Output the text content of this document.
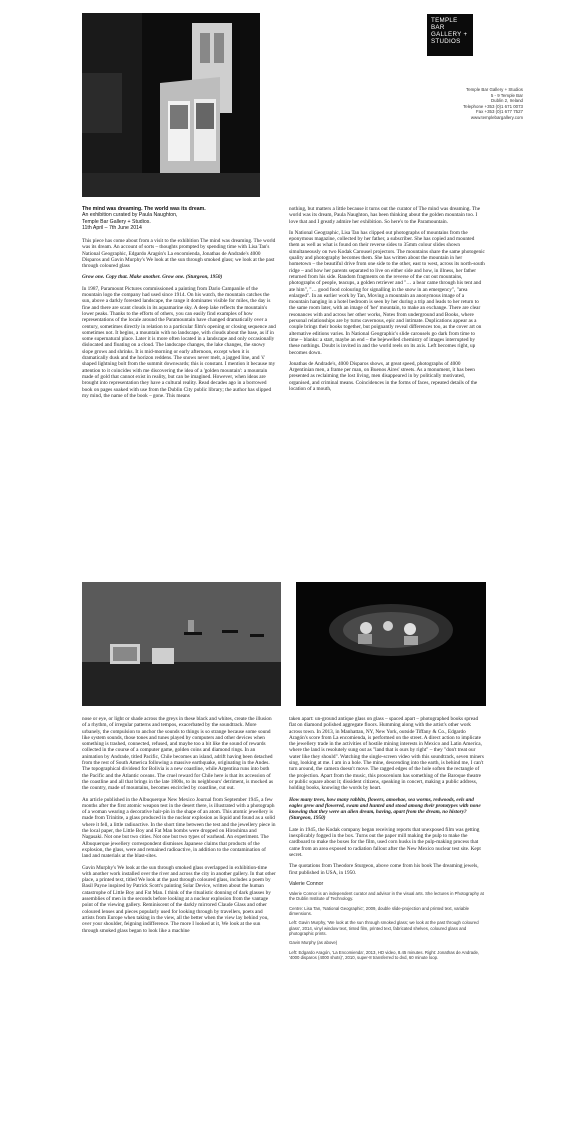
TEMPLE BAR
GALLERY +
STUDIOS
Temple Bar Gallery + Studios
5 - 9 Temple Bar
Dublin 2, Ireland
Telephone +353 (0)1 671 0073
Fax +353 (0)1 677 7527
www.templebargallery.com
The mind was dreaming. The world was its dream.
An exhibition curated by Paula Naughton,
Temple Bar Gallery + Studios.
11th April – 7th June 2014

This piece has come about from a visit to the exhibition The mind was dreaming. The world was its dream. An account of sorts – thoughts prompted by spending time with Lisa Tan's National Geographic, Edgardo Aragón's La encomienda, Jonathas de Andrade's 4000 Disparos and Gavin Murphy's We look at the sun through smoked glass; we look at the past through coloured glass

Grow one. Copy that. Make another. Grow one. (Sturgeon, 1950)

In 1987, Paramount Pictures commissioned a painting from Dario Campanile of the mountain logo the company had used since 1914. On his watch, the mountain catches the sun, above a darkly forested landscape, the range it dominates visible for miles, the day is fine and there are scant clouds in its aquamarine sky. A deep lake reflects the mountain's lower peaks. Thanks to the efforts of others, you can easily find examples of how representations of the locale around the Paramountain have changed dramatically over a century, sometimes directly in relation to a particular film's opening or closing sequence and sometimes not. It begins, a mountain with no landscape, with clouds about the base, as if in some supernatural place. Later it is more often located in a landscape and only occasionally dislocated and floating on a cloud. The landscape changes, the lake changes, the snowy slope grows and shrinks. It is mid-morning or early afternoon, except when it is dramatically dusk and the horizon reddens. The snows never melt, a jagged line, and 'ś' shaped lightning bolt from the summit downwards; this is constant. I mention it because my attention to it coincides with me discovering the idea of a 'golden mountain': a mountain made of gold that cannot exist in reality, but can be imagined. However, when ideas are brought into representation they have a cultural reality. Read decades ago in a borrowed book on pages soaked with use from the Dublin City public library; the author has slipped my mind, the name of the book – gone. This means

nothing, but matters a little because it turns out the curator of The mind was dreaming. The world was its dream, Paula Naughton, has been thinking about the golden mountain too. I love that and I greatly admire her exhibition. So here's to the Paramountain.

In National Geographic, Lisa Tan has clipped out photographs of mountains from the eponymous magazine, collected by her father, a subscriber. She has copied and mounted them as well as what is found on their reverse sides to 35mm colour slides shown simultaneously on two Kodak Carousel projectors. The mountains share the same photogenic quality and photography becomes them. She has written about the mountain in her hometown – the beautiful drive from one side to the other, east to west, across its north-south ridge – and how her parents separated to live on either side and how, in illness, her father returned from his side. Random fragments on the reverse of the cut out mountains, photographs of people, teacups, a golden retriever and "… a bear came through his tent and ate him", "… good food colouring for signalling in the snow in an emergency", "area enlarged". In an earlier work by Tan, Moving a mountain an anonymous image of a mountain hanging in a hotel bedroom is seen by her during a trip and leads to her return to the same room later, with an image of 'her' mountain, to make an exchange. There are clear resonances with and across her other works, Notes from underground and Books, where personal relationships are by turns cavernous, epic and intimate. Duplications appear as a couple brings their books together, but poignantly reveal differences too, as the cover art on alternative editions varies. In National Geographic's slide carousels go dark from time to time – blanks: a start, maybe an end – the bejewelled chemistry of images interrupted by these nothings. Doubt is invited in and the world reels on its axis. Left becomes right, up becomes down.

Jonathas de Andrade's, 4000 Disparos shows, at great speed, photographs of 4000 Argentinian men, a frame per man, on Buenos Aires' streets. As a monument, it has been presented as reclaiming the lost living, men disappeared in by politically motivated, organised, and criminal means. Coincidences in the forms of faces, repeated details of the location of a mouth,

nose or eye, or light or shade across the greys in these black and whites, create the illusion of a rhythm, of irregular patterns and tempos, exacerbated by the soundtrack. More urbanely, the compulsion to anchor the sounds to things is so strange because some sound like system sounds, those tones and tunes played by computers and other devices when something is trashed, connected, refused, and maybe too a bit like the sound of rewards collected in the course of a computer game, golden coins and diamond rings. In an animation by Andrade, titled Pacific, Chile becomes an island, adrift having been detached from the rest of South America following a massive earthquake, originating in the Andes. The topographical dividend for Bolivia is a new coastline, while Argentina runs into both the Pacific and the Atlantic oceans. The cruel reward for Chile here is that its accession of the coastline and all that brings in the late 1800s, to its neighbours' detriment, is mocked as the country, made of mountains, becomes encircled by coastline, cut out.

An article published in the Albuquerque New Mexico Journal from September 1945, a few months after the first atomic weapon test in the desert there, is illustrated with a photograph of a woman wearing a decorative hair-pin in the shape of an atom. This atomic jewellery is made from Trinitite, a glass produced in the nuclear explosion as liquid and found as a solid where it fell, a little radioactive. In the short time between the test and the jewellery piece in the local paper, the Little Boy and Fat Man bombs were dropped on Hiroshima and Nagasaki. Not one but two cities. Not one but two types of warhead. An experiment. The Albuquerque jewellery correspondent dismisses Japanese claims that products of the explosion, the glass, were and remained radioactive, in addition to the contamination of land and materials at the blast-sites.

Gavin Murphy's We look at the sun through smoked glass overlapped in exhibition-time with another work installed over the river and across the city in another gallery. In that other place, a printed text, titled We look at the past through coloured glass, includes a poem by Basil Payne inspired by Patrick Scott's painting Solar Device, written about the human catastrophe of Little Boy and Fat Man. I think of the ritualistic donning of dark glasses by assemblies of men in the seconds before looking at a nuclear explosion from the vantage point of the viewing gallery. Reminiscent of the darkly mirrored Claude Glass and other coloured lenses and pieces popularly used for looking through by travellers, poets and artists from Europe when taking in the view, all the better when the view lay behind you, over your shoulder, feigning indifference. The more I looked at it, We look at the sun through smoked glass began to look like a machine

taken apart: un-ground antique glass on glass – spaced apart – photographed books spread flat on diamond polished aggregate floors. Humming along with the artist's other work across town. In 2013, in Manhattan, NY, New York, outside Tiffany & Co., Edgardo Aragón's score from La encomienda, is performed on the street. A direct action to implicate the jewellery trade in the activities of hostile mining interests in Mexico and Latin America, where the land is resolutely sung out as "land that is ours by right" – they "don't treat our water like they should". Watching the single-screen video with this soundtrack, seven miners sing, looking at me. I am in a hole. The mine, descending into the earth, is behind me, I can't turn around, the camera doesn't move. The ragged edges of the hole soften the rectangle of the projection. Apart from the music, this proscenium has something of the Baroque theatre or public square about it; dissident citizens, speaking in concert, making a public address, holding books, knowing the words by heart.

How many trees, how many rabbits, flowers, amoebae, sea worms, redwoods, eels and eagles grew and flowered, swam and hunted and stood among their prototypes with none knowing that they were an alien dream, having, apart from the dream, no history? (Sturgeon, 1950)

Late in 1945, the Kodak company began receiving reports that unexposed film was getting inexplicably fogged in the box. Turns out the paper mill making the pulp to make the cardboard to make the boxes for the film, used corn husks in the pulp-making process that came from an area exposed to radiation fallout after the New Mexico nuclear test site. Kept secret.

The quotations from Theodore Sturgeon, above come from his book The dreaming jewels, first published in USA, in 1950.

Valerie Connor

Valerie Connor is an independent curator and advisor in the visual arts. She lectures in Photography at the Dublin Institute of Technology.

Centre: Lisa Tan, 'National Geographic', 2009, double slide-projection and printed text, variable dimensions.

Left: Gavin Murphy, 'We look at the sun through smoked glass; we look at the past through coloured glass', 2014, vinyl window text, tinted film, printed text, fabricated shelves, coloured glass and photographic prints.

Gavin Murphy (as above)

Left: Edgardo Aragón, 'La Encomienda', 2013, HD video, 8.45 minutes. Right: Jonathas de Andrade, '4000 disparos (4000 shots)', 2010, super-8 transferred to dvd, 60 minute loop.
